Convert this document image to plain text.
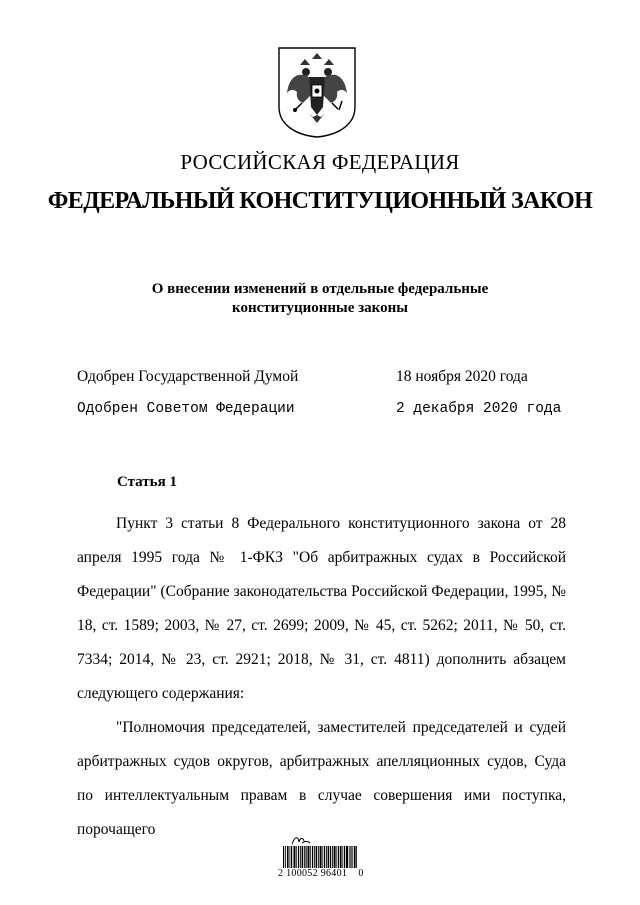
РОССИЙСКАЯ ФЕДЕРАЦИЯ
ФЕДЕРАЛЬНЫЙ КОНСТИТУЦИОННЫЙ ЗАКОН
О внесении изменений в отдельные федеральные
конституционные законы
Одобрен Государственной Думой	18 ноября 2020 года
Одобрен Советом Федерации	2 декабря 2020 года
Статья 1

Пункт 3 статьи 8 Федерального конституционного закона от 28 апреля 1995 года № 1-ФКЗ "Об арбитражных судах в Российской Федерации" (Собрание законодательства Российской Федерации, 1995, № 18, ст. 1589; 2003, № 27, ст. 2699; 2009, № 45, ст. 5262; 2011, № 50, ст. 7334; 2014, № 23, ст. 2921; 2018, № 31, ст. 4811) дополнить абзацем следующего содержания:

"Полномочия председателей, заместителей председателей и судей арбитражных судов округов, арбитражных апелляционных судов, Суда по интеллектуальным правам в случае совершения ими поступка, порочащего

2 100052 96401    0
